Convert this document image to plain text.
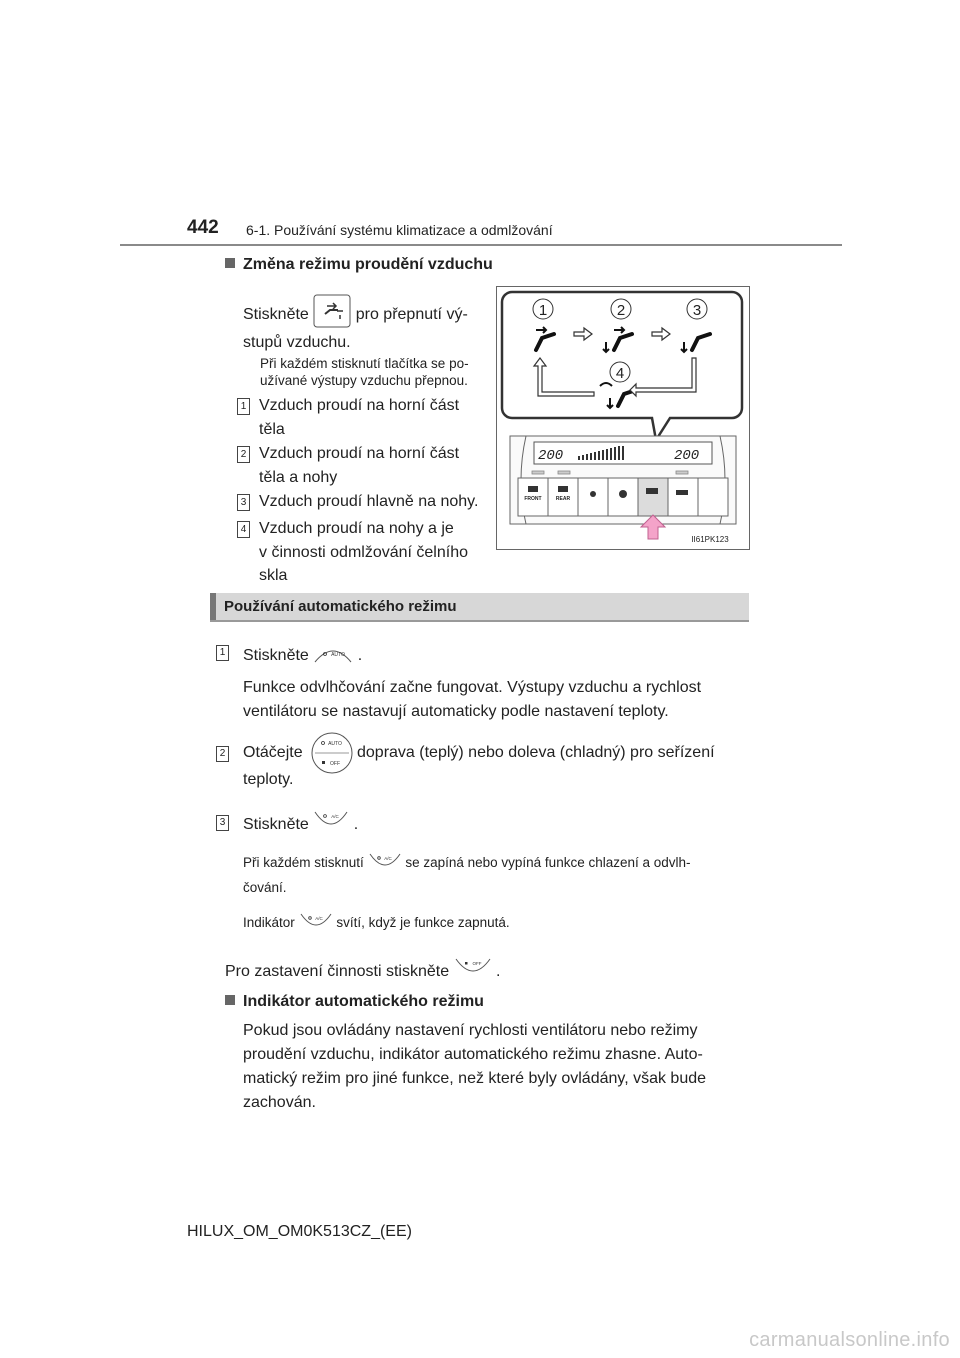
442 6-1. Používání systému klimatizace a odmlžování
Změna režimu proudění vzduchu
Stiskněte	pro přepnutí vý-
stupů vzduchu.
Při každém stisknutí tlačítka se po-
užívané výstupy vzduchu přepnou.
1 Vzduch proudí na horní část
těla
2 Vzduch proudí na horní část
těla a nohy
3 Vzduch proudí hlavně na nohy.
4 Vzduch proudí na nohy a je
v činnosti odmlžování čelního
skla
1	2	3
4
200	200
FRONT	REAR
II61PK123
Používání automatického režimu
1 Stiskněte	AUTO .
Funkce odvlhčování začne fungovat. Výstupy vzduchu a rychlost
ventilátoru se nastavují automaticky podle nastavení teploty.
2 Otáčejte	AUTO
OFF
doprava (teplý) nebo doleva (chladný) pro seřízení
teploty.
3 Stiskněte	A/C .
Při každém stisknutí	A/C se zapíná nebo vypíná funkce chlazení a odvlh-
čování.
Indikátor	A/C svítí, když je funkce zapnutá.
Pro zastavení činnosti stiskněte	OFF .
Indikátor automatického režimu
Pokud jsou ovládány nastavení rychlosti ventilátoru nebo režimy
proudění vzduchu, indikátor automatického režimu zhasne. Auto-
matický režim pro jiné funkce, než které byly ovládány, však bude
zachován.
HILUX_OM_OM0K513CZ_(EE)
carmanualsonline.info
